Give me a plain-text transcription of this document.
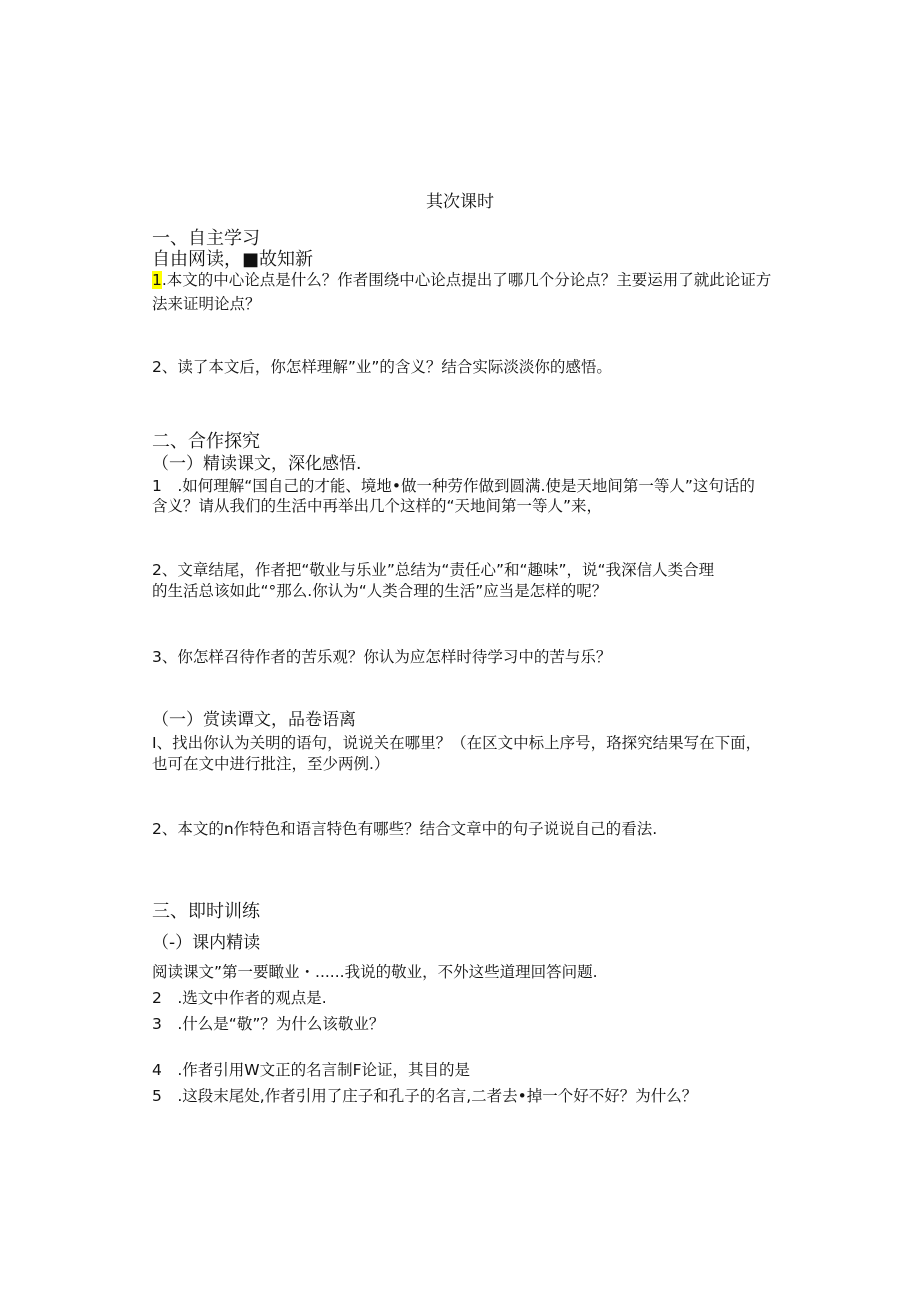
其次课时
一、自主学习
自由网读，■故知新
1.本文的中心论点是什么？作者围绕中心论点提出了哪几个分论点？主要运用了就此论证方
法来证明论点？
2、读了本文后，你怎样理解”业”的含义？结合实际淡淡你的感悟。
二、合作探究
（一）精读课文，深化感悟.
1　.如何理解“国自己的才能、境地•做一种劳作做到圆满.使是天地间第一等人”这句话的
含义？请从我们的生活中再举出几个这样的“天地间第一等人”来，
2、文章结尾，作者把“敬业与乐业”总结为“责任心”和“趣味”，说“我深信人类合理
的生活总该如此“°那么.你认为“人类合理的生活”应当是怎样的呢？
3、你怎样召待作者的苦乐观？你认为应怎样时待学习中的苦与乐？
（一）赏读谭文，品卷语离
I、找出你认为关明的语句，说说关在哪里？（在区文中标上序号，珞探究结果写在下面，
也可在文中进行批注，至少两例.）
2、本文的n作特色和语言特色有哪些？结合文章中的句子说说自己的看法.
三、即时训练
（-）课内精读
阅读课文”第一要瞰业・......我说的敬业，不外这些道理回答问题.
2　.选文中作者的观点是.
3　.什么是“敬”？为什么该敬业？
4　.作者引用W文正的名言制F论证，其目的是
5　.这段末尾处,作者引用了庄子和孔子的名言,二者去•掉一个好不好？为什么？
